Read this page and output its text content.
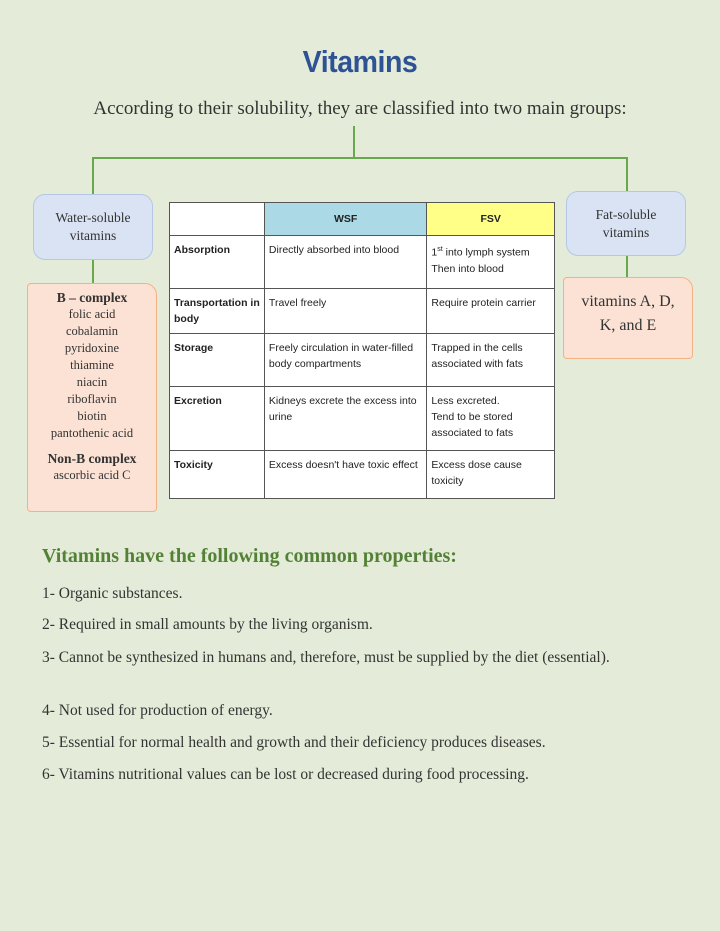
Vitamins
According to their solubility, they are classified into two main groups:
Water-soluble vitamins
B – complex
folic acid
cobalamin
pyridoxine
thiamine
niacin
riboflavin
biotin
pantothenic acid
Non-B complex
ascorbic acid C
Fat-soluble vitamins
vitamins A, D, K, and E
	WSF	FSV
Absorption	Directly absorbed into blood	1st into lymph system
Then into blood
Transportation in body	Travel freely	Require protein carrier
Storage	Freely circulation in water-filled body compartments	Trapped in the cells associated with fats
Excretion	Kidneys excrete the excess into urine	Less excreted.
Tend to be stored associated to fats
Toxicity	Excess doesn't have toxic effect	Excess dose cause toxicity
Vitamins have the following common properties:
1- Organic substances.
2- Required in small amounts by the living organism.
3- Cannot be synthesized in humans and, therefore, must be supplied by the diet (essential).
4- Not used for production of energy.
5- Essential for normal health and growth and their deficiency produces diseases.
6- Vitamins nutritional values can be lost or decreased during food processing.
